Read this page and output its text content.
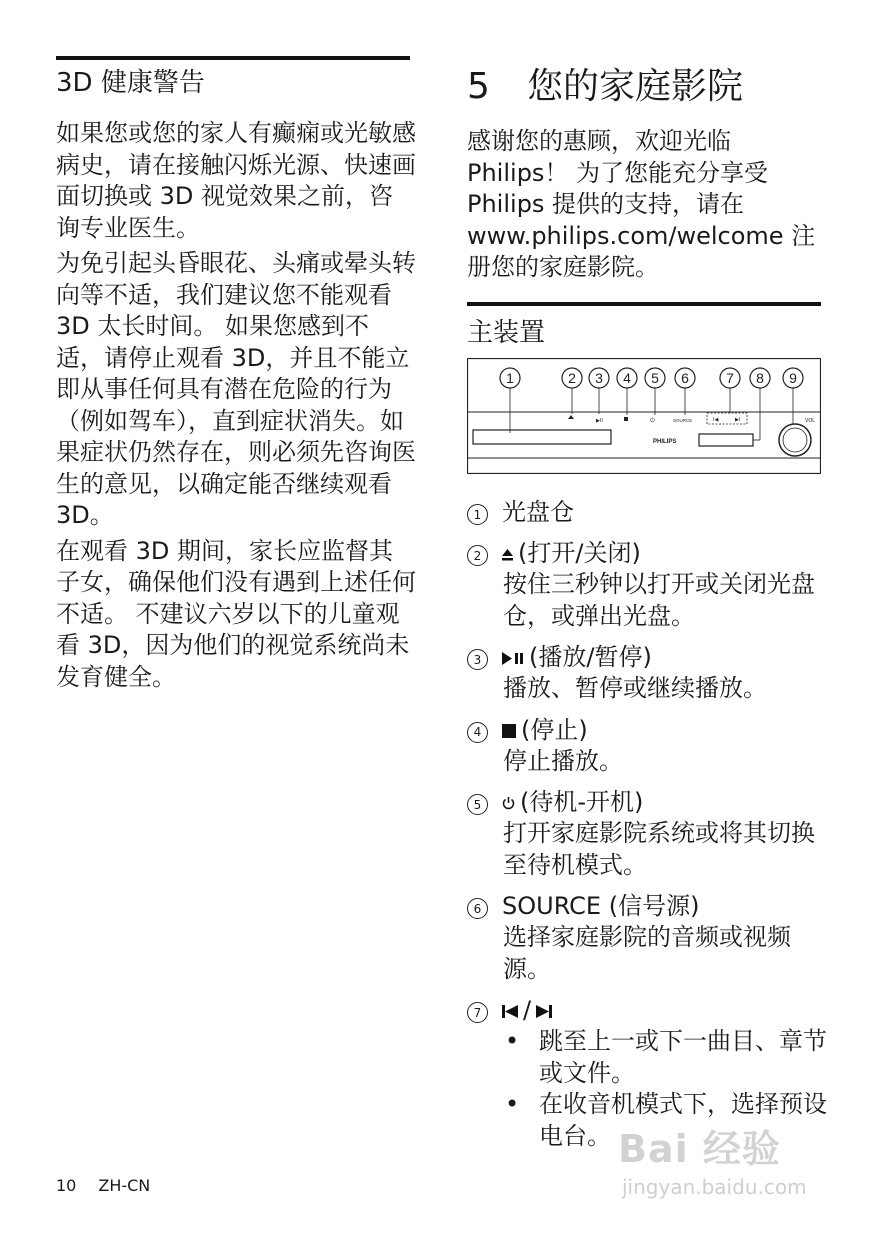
3D 健康警告

如果您或您的家人有癫痫或光敏感病史，请在接触闪烁光源、快速画面切换或 3D 视觉效果之前，咨询专业医生。

为免引起头昏眼花、头痛或晕头转向等不适，我们建议您不能观看 3D 太长时间。 如果您感到不适，请停止观看 3D，并且不能立即从事任何具有潜在危险的行为（例如驾车），直到症状消失。如果症状仍然存在，则必须先咨询医生的意见，以确定能否继续观看 3D。

在观看 3D 期间，家长应监督其子女，确保他们没有遇到上述任何不适。 不建议六岁以下的儿童观看 3D，因为他们的视觉系统尚未发育健全。

5 您的家庭影院
感谢您的惠顾，欢迎光临 Philips！ 为了您能充分享受 Philips 提供的支持，请在 www.philips.com/welcome 注册您的家庭影院。
主装置
VOL
PHILIPS
▶II	⏻	SOURCE	I◀	▶I
1	2 3 4 5 6	7 8 9
1 光盘仓
2 (打开/关闭)
按住三秒钟以打开或关闭光盘仓，或弹出光盘。
3 (播放/暂停)
播放、暂停或继续播放。
4 (停止)
停止播放。
5 (待机-开机)
打开家庭影院系统或将其切换至待机模式。
6 SOURCE (信号源)
选择家庭影院的音频或视频源。
7 /
• 跳至上一或下一曲目、章节或文件。
• 在收音机模式下，选择预设电台。
10 ZH-CN
Bai 经验
jingyan.baidu.com
